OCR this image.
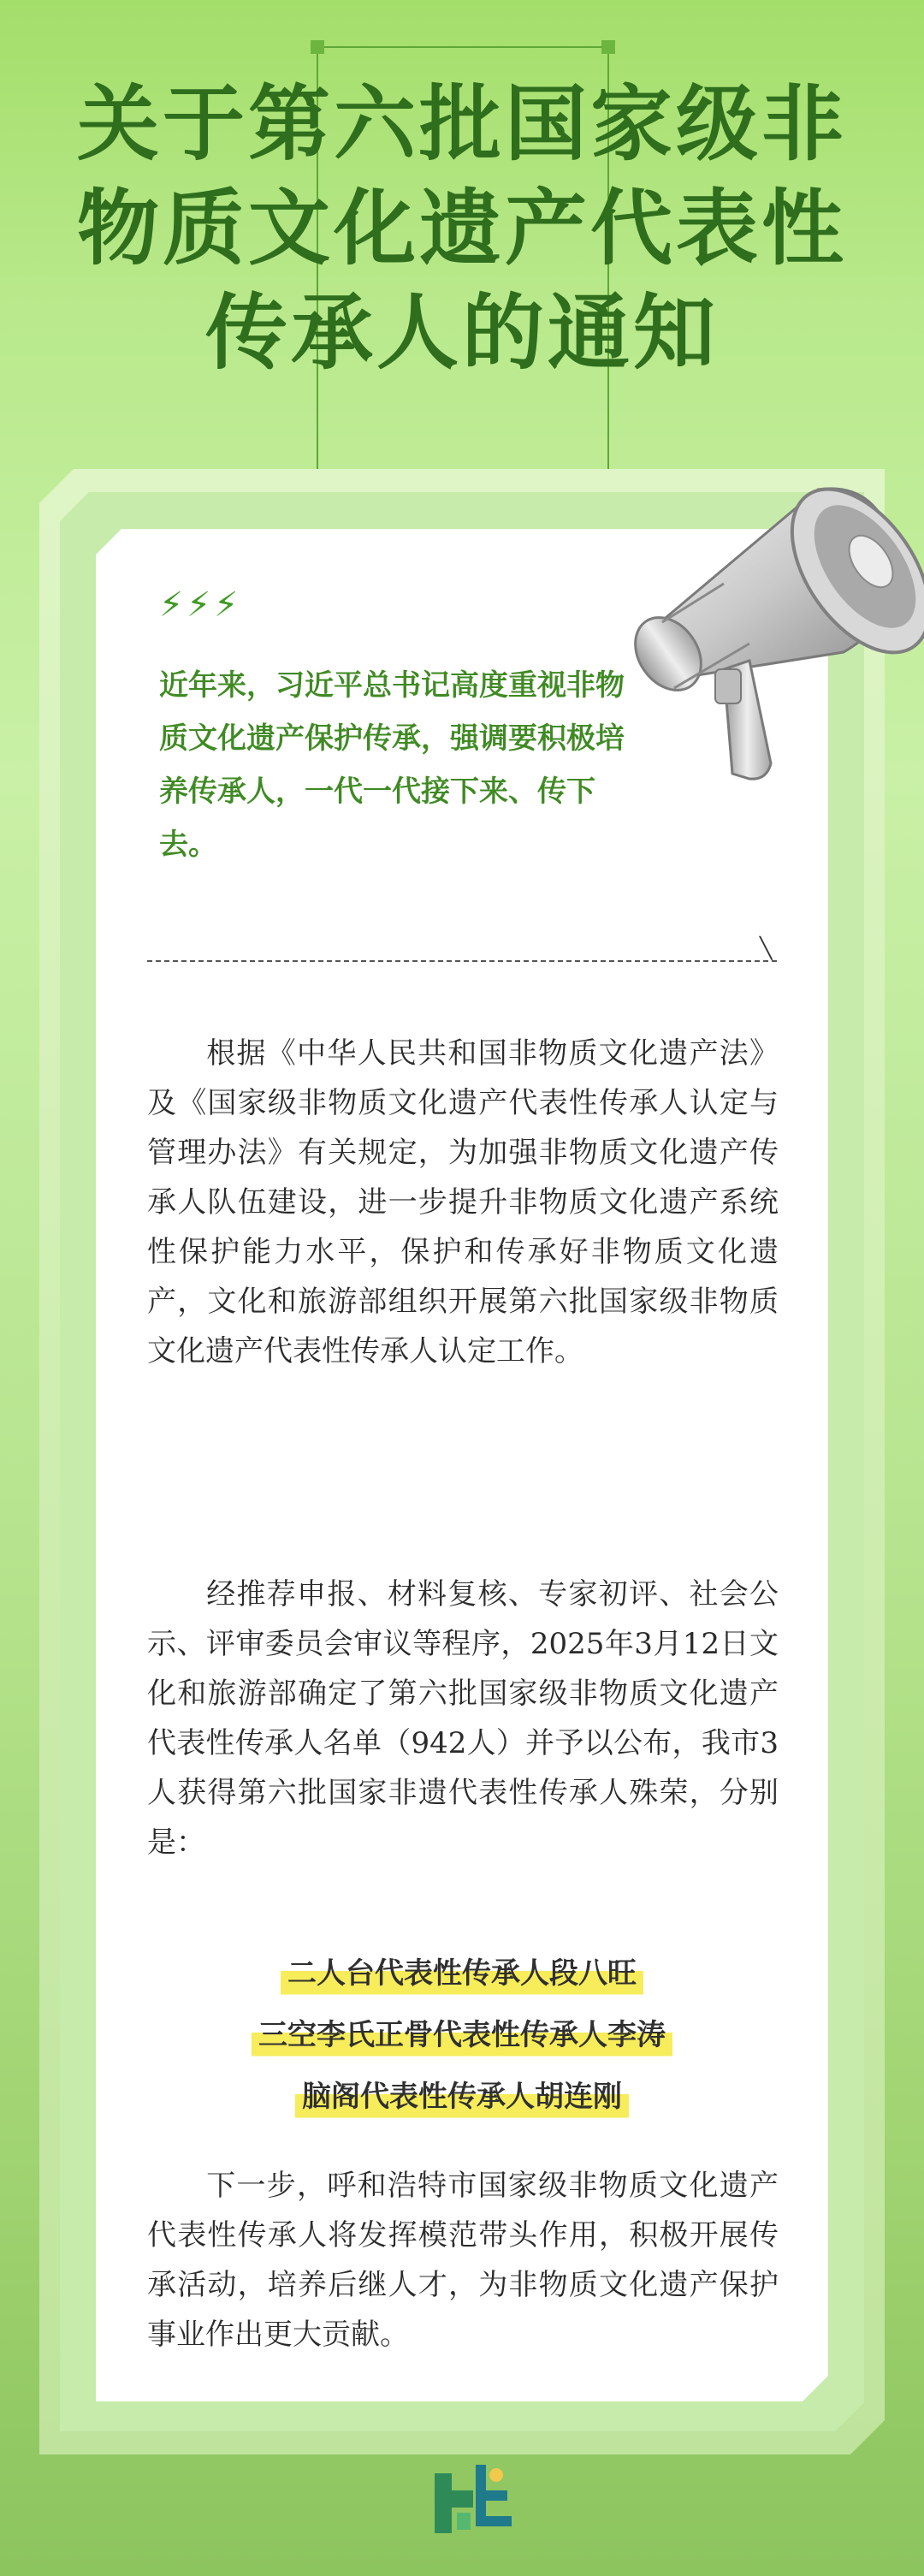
关于第六批国家级非
物质文化遗产代表性
传承人的通知
⚡⚡⚡

近年来，习近平总书记高度重视非物质文化遗产保护传承，强调要积极培养传承人，一代一代接下来、传下去。

╲

根据《中华人民共和国非物质文化遗产法》及《国家级非物质文化遗产代表性传承人认定与管理办法》有关规定，为加强非物质文化遗产传承人队伍建设，进一步提升非物质文化遗产系统性保护能力水平，保护和传承好非物质文化遗产，文化和旅游部组织开展第六批国家级非物质文化遗产代表性传承人认定工作。

经推荐申报、材料复核、专家初评、社会公示、评审委员会审议等程序，2025年3月12日文化和旅游部确定了第六批国家级非物质文化遗产代表性传承人名单（942人）并予以公布，我市3人获得第六批国家非遗代表性传承人殊荣，分别是：

二人台代表性传承人段八旺
三空李氏正骨代表性传承人李涛
脑阁代表性传承人胡连刚

下一步，呼和浩特市国家级非物质文化遗产代表性传承人将发挥模范带头作用，积极开展传承活动，培养后继人才，为非物质文化遗产保护事业作出更大贡献。
